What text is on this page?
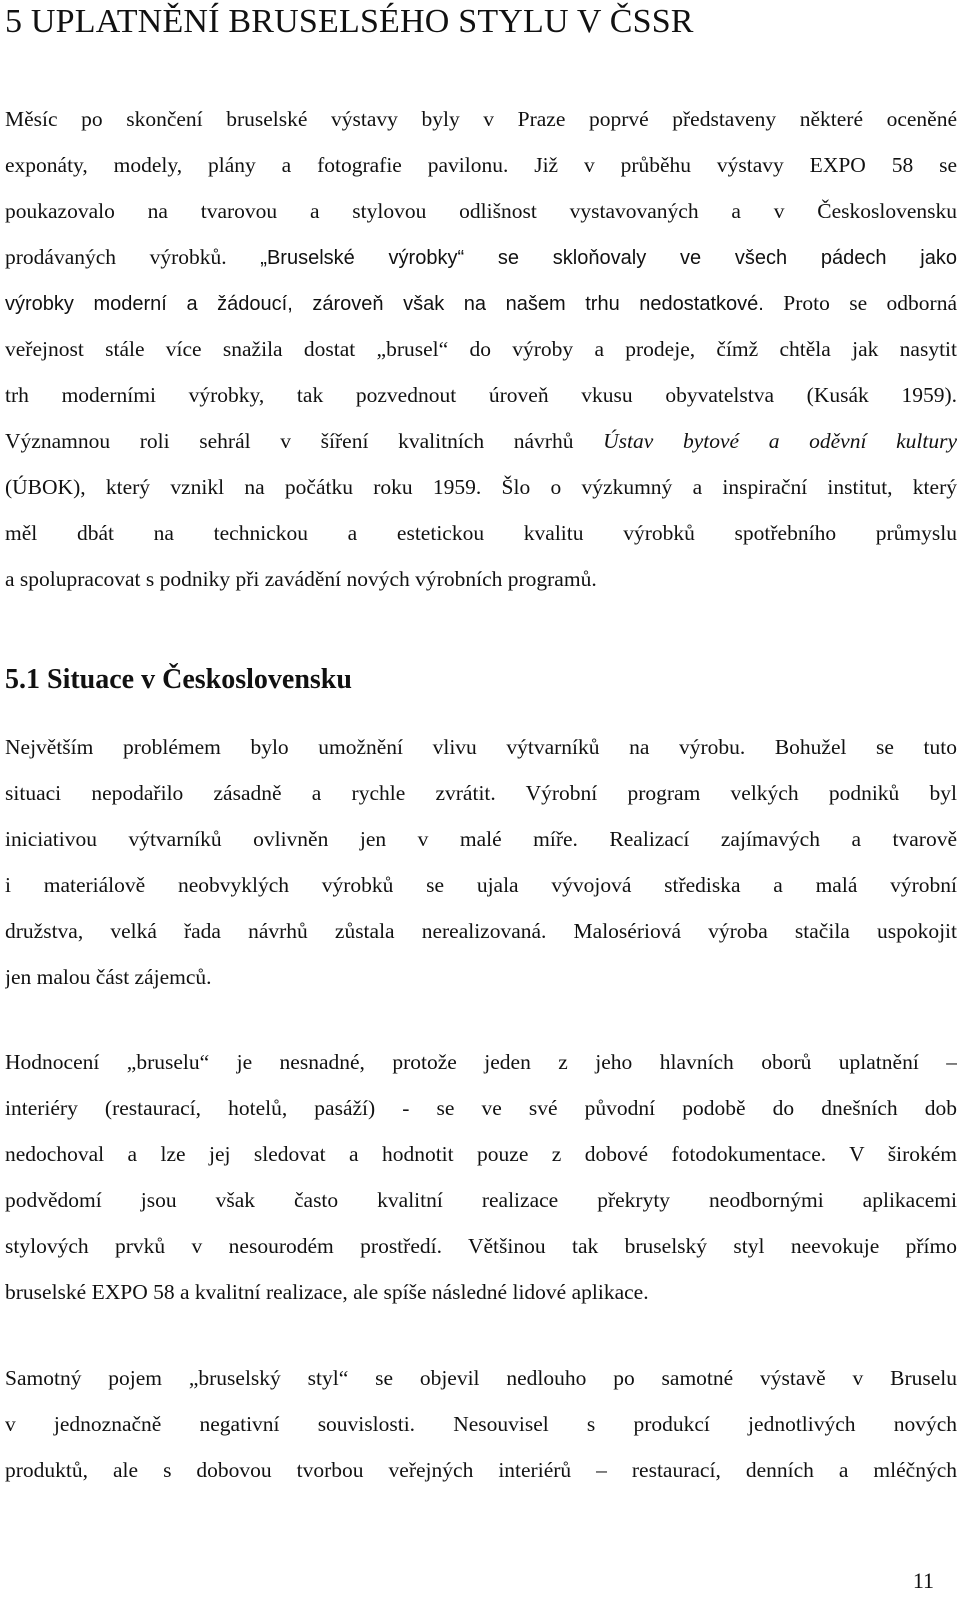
5 UPLATNĚNÍ BRUSELSÉHO STYLU V ČSSR
Měsíc po skončení bruselské výstavy byly v Praze poprvé představeny některé oceněné
exponáty, modely, plány a fotografie pavilonu. Již v průběhu výstavy EXPO 58 se
poukazovalo na tvarovou a stylovou odlišnost vystavovaných a v Československu
prodávaných výrobků. „Bruselské výrobky“ se skloňovaly ve všech pádech jako
výrobky moderní a žádoucí, zároveň však na našem trhu nedostatkové. Proto se odborná
veřejnost stále více snažila dostat „brusel“ do výroby a prodeje, čímž chtěla jak nasytit
trh moderními výrobky, tak pozvednout úroveň vkusu obyvatelstva (Kusák 1959).
Významnou roli sehrál v šíření kvalitních návrhů Ústav bytové a oděvní kultury
(ÚBOK), který vznikl na počátku roku 1959. Šlo o výzkumný a inspirační institut, který
měl dbát na technickou a estetickou kvalitu výrobků spotřebního průmyslu
a spolupracovat s podniky při zavádění nových výrobních programů.
5.1 Situace v Československu
Největším problémem bylo umožnění vlivu výtvarníků na výrobu. Bohužel se tuto
situaci nepodařilo zásadně a rychle zvrátit. Výrobní program velkých podniků byl
iniciativou výtvarníků ovlivněn jen v malé míře. Realizací zajímavých a tvarově
i materiálově neobvyklých výrobků se ujala vývojová střediska a malá výrobní
družstva, velká řada návrhů zůstala nerealizovaná. Malosériová výroba stačila uspokojit
jen malou část zájemců.
Hodnocení „bruselu“ je nesnadné, protože jeden z jeho hlavních oborů uplatnění –
interiéry (restaurací, hotelů, pasáží) - se ve své původní podobě do dnešních dob
nedochoval a lze jej sledovat a hodnotit pouze z dobové fotodokumentace. V širokém
podvědomí jsou však často kvalitní realizace překryty neodbornými aplikacemi
stylových prvků v nesourodém prostředí. Většinou tak bruselský styl neevokuje přímo
bruselské EXPO 58 a kvalitní realizace, ale spíše následné lidové aplikace.
Samotný pojem „bruselský styl“ se objevil nedlouho po samotné výstavě v Bruselu
v jednoznačně negativní souvislosti. Nesouvisel s produkcí jednotlivých nových
produktů, ale s dobovou tvorbou veřejných interiérů – restaurací, denních a mléčných
11
